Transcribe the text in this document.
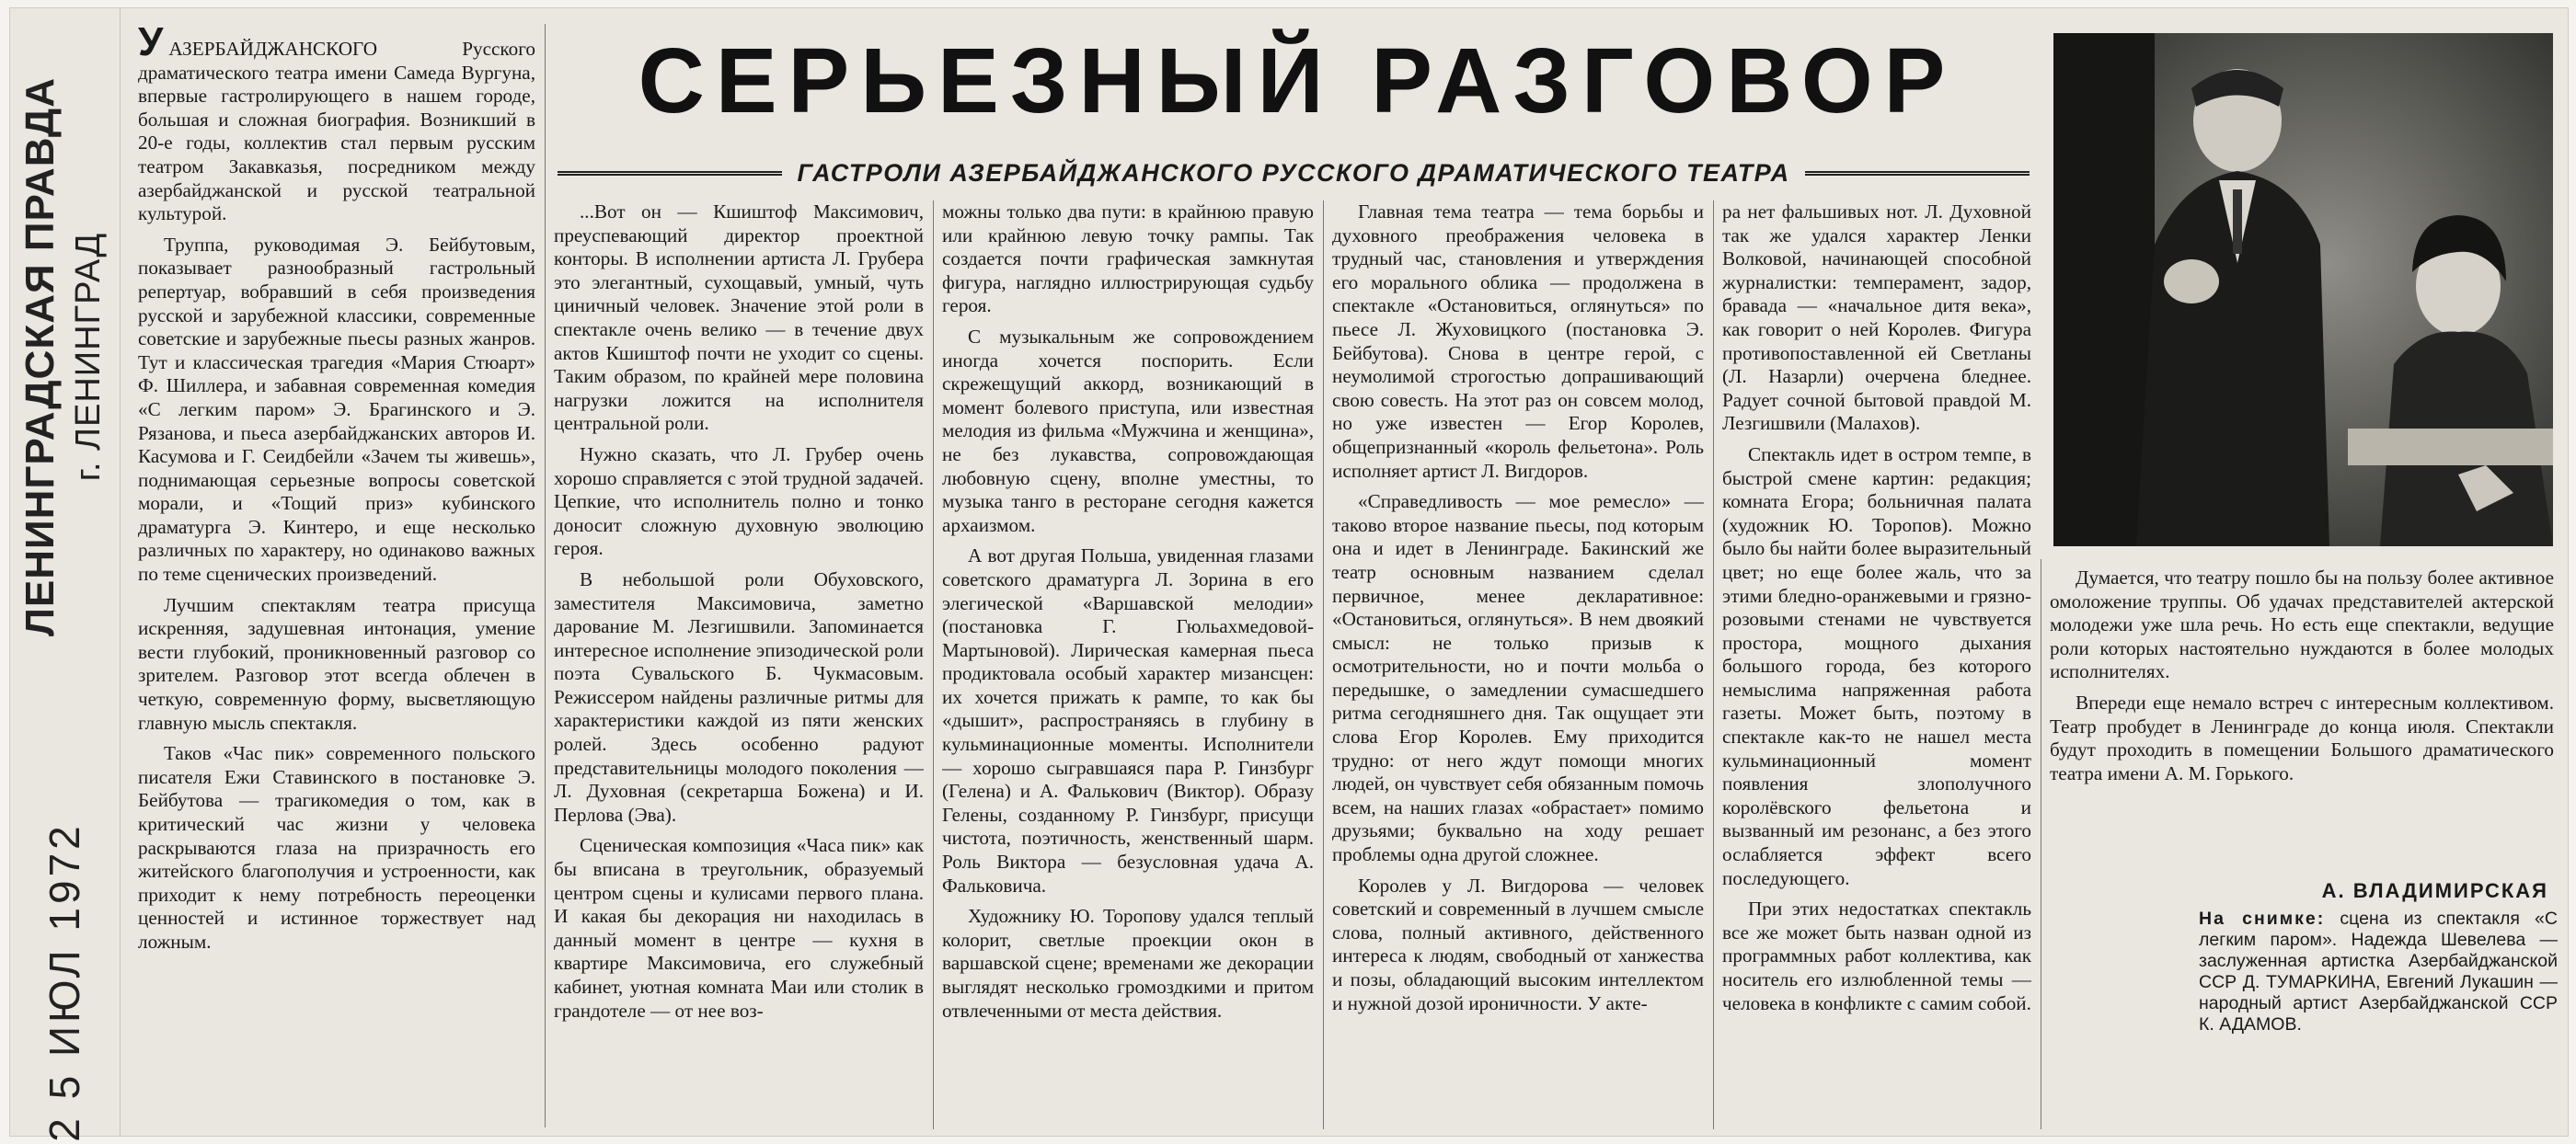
ЛЕНИНГРАДСКАЯ ПРАВДА г. ЛЕНИНГРАД
2 5 ИЮЛ 1972
СЕРЬЕЗНЫЙ РАЗГОВОР
ГАСТРОЛИ АЗЕРБАЙДЖАНСКОГО РУССКОГО ДРАМАТИЧЕСКОГО ТЕАТРА

УАЗЕРБАЙДЖАНСКОГО Русского драматического театра имени Самеда Вургуна, впервые гастролирующего в нашем городе, большая и сложная биография. Возникший в 20-е годы, коллектив стал первым русским театром Закавказья, посредником между азербайджанской и русской театральной культурой.

Труппа, руководимая Э. Бейбутовым, показывает разнообразный гастрольный репертуар, вобравший в себя произведения русской и зарубежной классики, современные советские и зарубежные пьесы разных жанров. Тут и классическая трагедия «Мария Стюарт» Ф. Шиллера, и забавная современная комедия «С легким паром» Э. Брагинского и Э. Рязанова, и пьеса азербайджанских авторов И. Касумова и Г. Сеидбейли «Зачем ты живешь», поднимающая серьезные вопросы советской морали, и «Тощий приз» кубинского драматурга Э. Кинтеро, и еще несколько различных по характеру, но одинаково важных по теме сценических произведений.

Лучшим спектаклям театра присуща искренняя, задушевная интонация, умение вести глубокий, проникновенный разговор со зрителем. Разговор этот всегда облечен в четкую, современную форму, высветляющую главную мысль спектакля.

Таков «Час пик» современного польского писателя Ежи Ставинского в постановке Э. Бейбутова — трагикомедия о том, как в критический час жизни у человека раскрываются глаза на призрачность его житейского благополучия и устроенности, как приходит к нему потребность переоценки ценностей и истинное торжествует над ложным.

...Вот он — Кшиштоф Максимович, преуспевающий директор проектной конторы. В исполнении артиста Л. Грубера это элегантный, сухощавый, умный, чуть циничный человек. Значение этой роли в спектакле очень велико — в течение двух актов Кшиштоф почти не уходит со сцены. Таким образом, по крайней мере половина нагрузки ложится на исполнителя центральной роли.

Нужно сказать, что Л. Грубер очень хорошо справляется с этой трудной задачей. Цепкие, что исполнитель полно и тонко доносит сложную духовную эволюцию героя.

В небольшой роли Обуховского, заместителя Максимовича, заметно дарование М. Лезгишвили. Запоминается интересное исполнение эпизодической роли поэта Сувальского Б. Чукмасовым. Режиссером найдены различные ритмы для характеристики каждой из пяти женских ролей. Здесь особенно радуют представительницы молодого поколения — Л. Духовная (секретарша Божена) и И. Перлова (Эва).

Сценическая композиция «Часа пик» как бы вписана в треугольник, образуемый центром сцены и кулисами первого плана. И какая бы декорация ни находилась в данный момент в центре — кухня в квартире Максимовича, его служебный кабинет, уютная комната Маи или столик в грандотеле — от нее воз-

можны только два пути: в крайнюю правую или крайнюю левую точку рампы. Так создается почти графическая замкнутая фигура, наглядно иллюстрирующая судьбу героя.

С музыкальным же сопровождением иногда хочется поспорить. Если скрежещущий аккорд, возникающий в момент болевого приступа, или известная мелодия из фильма «Мужчина и женщина», не без лукавства, сопровождающая любовную сцену, вполне уместны, то музыка танго в ресторане сегодня кажется архаизмом.

А вот другая Польша, увиденная глазами советского драматурга Л. Зорина в его элегической «Варшавской мелодии» (постановка Г. Гюльахмедовой-Мартыновой). Лирическая камерная пьеса продиктовала особый характер мизансцен: их хочется прижать к рампе, то как бы «дышит», распространяясь в глубину в кульминационные моменты. Исполнители — хорошо сыгравшаяся пара Р. Гинзбург (Гелена) и А. Фалькович (Виктор). Образу Гелены, созданному Р. Гинзбург, присущи чистота, поэтичность, женственный шарм. Роль Виктора — безусловная удача А. Фальковича.

Художнику Ю. Торопову удался теплый колорит, светлые проекции окон в варшавской сцене; временами же декорации выглядят несколько громоздкими и притом отвлеченными от места действия.

Главная тема театра — тема борьбы и духовного преображения человека в трудный час, становления и утверждения его морального облика — продолжена в спектакле «Остановиться, оглянуться» по пьесе Л. Жуховицкого (постановка Э. Бейбутова). Снова в центре герой, с неумолимой строгостью допрашивающий свою совесть. На этот раз он совсем молод, но уже известен — Егор Королев, общепризнанный «король фельетона». Роль исполняет артист Л. Вигдоров.

«Справедливость — мое ремесло» — таково второе название пьесы, под которым она и идет в Ленинграде. Бакинский же театр основным названием сделал первичное, менее декларативное: «Остановиться, оглянуться». В нем двоякий смысл: не только призыв к осмотрительности, но и почти мольба о передышке, о замедлении сумасшедшего ритма сегодняшнего дня. Так ощущает эти слова Егор Королев. Ему приходится трудно: от него ждут помощи многих людей, он чувствует себя обязанным помочь всем, на наших глазах «обрастает» помимо друзьями; буквально на ходу решает проблемы одна другой сложнее.

Королев у Л. Вигдорова — человек советский и современный в лучшем смысле слова, полный активного, действенного интереса к людям, свободный от ханжества и позы, обладающий высоким интеллектом и нужной дозой ироничности. У акте-

ра нет фальшивых нот. Л. Духовной так же удался характер Ленки Волковой, начинающей способной журналистки: темперамент, задор, бравада — «начальное дитя века», как говорит о ней Королев. Фигура противопоставленной ей Светланы (Л. Назарли) очерчена бледнее. Радует сочной бытовой правдой М. Лезгишвили (Малахов).

Спектакль идет в остром темпе, в быстрой смене картин: редакция; комната Егора; больничная палата (художник Ю. Торопов). Можно было бы найти более выразительный цвет; но еще более жаль, что за этими бледно-оранжевыми и грязно-розовыми стенами не чувствуется простора, мощного дыхания большого города, без которого немыслима напряженная работа газеты. Может быть, поэтому в спектакле как-то не нашел места кульминационный момент появления злополучного королёвского фельетона и вызванный им резонанс, а без этого ослабляется эффект всего последующего.

При этих недостатках спектакль все же может быть назван одной из программных работ коллектива, как носитель его излюбленной темы — человека в конфликте с самим собой.

Думается, что театру пошло бы на пользу более активное омоложение труппы. Об удачах представителей актерской молодежи уже шла речь. Но есть еще спектакли, ведущие роли которых настоятельно нуждаются в более молодых исполнителях.

Впереди еще немало встреч с интересным коллективом. Театр пробудет в Ленинграде до конца июля. Спектакли будут проходить в помещении Большого драматического театра имени А. М. Горького.

А. ВЛАДИМИРСКАЯ
На снимке: сцена из спектакля «С легким паром». Надежда Шевелева — заслуженная артистка Азербайджанской ССР Д. ТУМАРКИНА, Евгений Лукашин — народный артист Азербайджанской ССР К. АДАМОВ.
